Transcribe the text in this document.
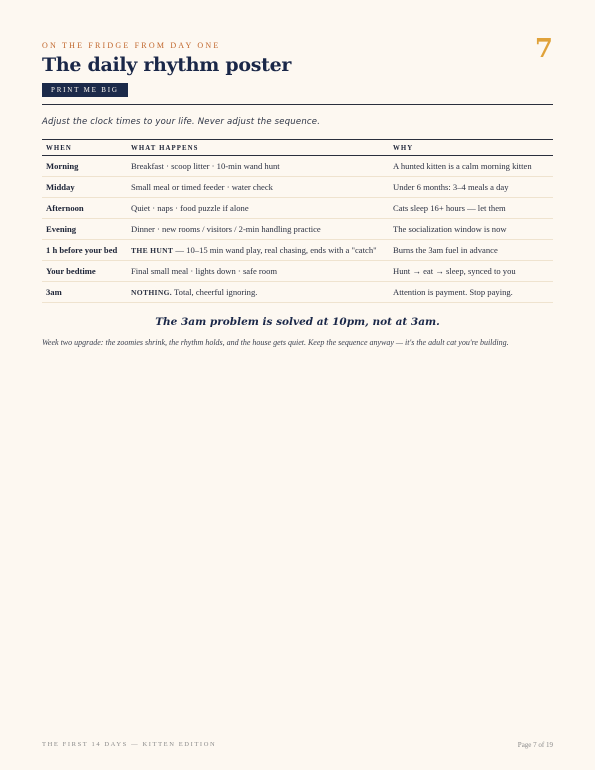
ON THE FRIDGE FROM DAY ONE	7
The daily rhythm poster
PRINT ME BIG
Adjust the clock times to your life. Never adjust the sequence.
WHEN	WHAT HAPPENS	WHY
Morning	Breakfast · scoop litter · 10-min wand hunt	A hunted kitten is a calm morning kitten
Midday	Small meal or timed feeder · water check	Under 6 months: 3–4 meals a day
Afternoon	Quiet · naps · food puzzle if alone	Cats sleep 16+ hours — let them
Evening	Dinner · new rooms / visitors / 2-min handling practice	The socialization window is now
1 h before your bed	THE HUNT — 10–15 min wand play, real chasing, ends with a "catch"	Burns the 3am fuel in advance
Your bedtime	Final small meal · lights down · safe room	Hunt → eat → sleep, synced to you
3am	NOTHING. Total, cheerful ignoring.	Attention is payment. Stop paying.
The 3am problem is solved at 10pm, not at 3am.
Week two upgrade: the zoomies shrink, the rhythm holds, and the house gets quiet. Keep the sequence anyway — it's the adult cat you're building.
THE FIRST 14 DAYS — KITTEN EDITION	Page 7 of 19
